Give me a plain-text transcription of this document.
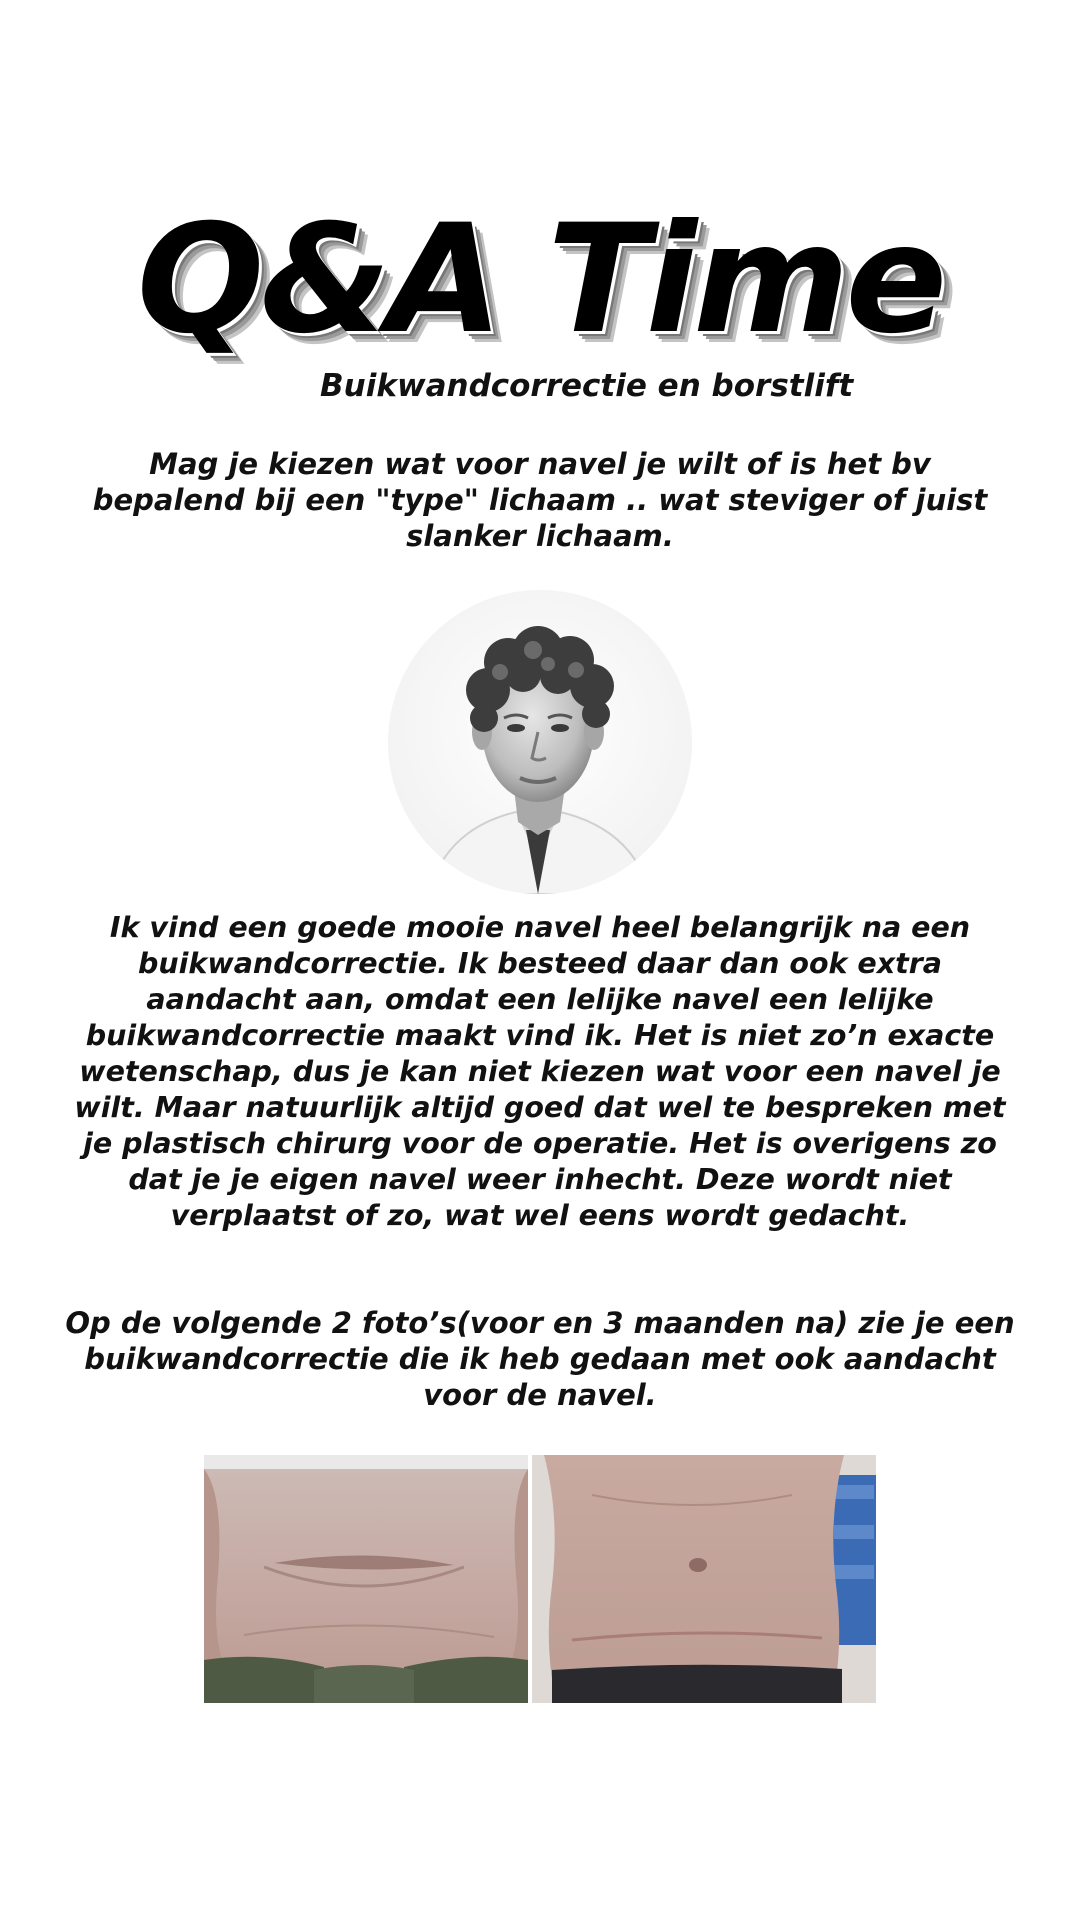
Q&A Time
Buikwandcorrectie en borstlift
Mag je kiezen wat voor navel je wilt of is het bv bepalend bij een "type" lichaam .. wat steviger of juist slanker lichaam.
Ik vind een goede mooie navel heel belangrijk na een buikwandcorrectie. Ik besteed daar dan ook extra aandacht aan, omdat een lelijke navel een lelijke buikwandcorrectie maakt vind ik. Het is niet zo’n exacte wetenschap, dus je kan niet kiezen wat voor een navel je wilt. Maar natuurlijk altijd goed dat wel te bespreken met je plastisch chirurg voor de operatie. Het is overigens zo dat je je eigen navel weer inhecht. Deze wordt niet verplaatst of zo, wat wel eens wordt gedacht.
Op de volgende 2 foto’s(voor en 3 maanden na) zie je een buikwandcorrectie die ik heb gedaan met ook aandacht voor de navel.
